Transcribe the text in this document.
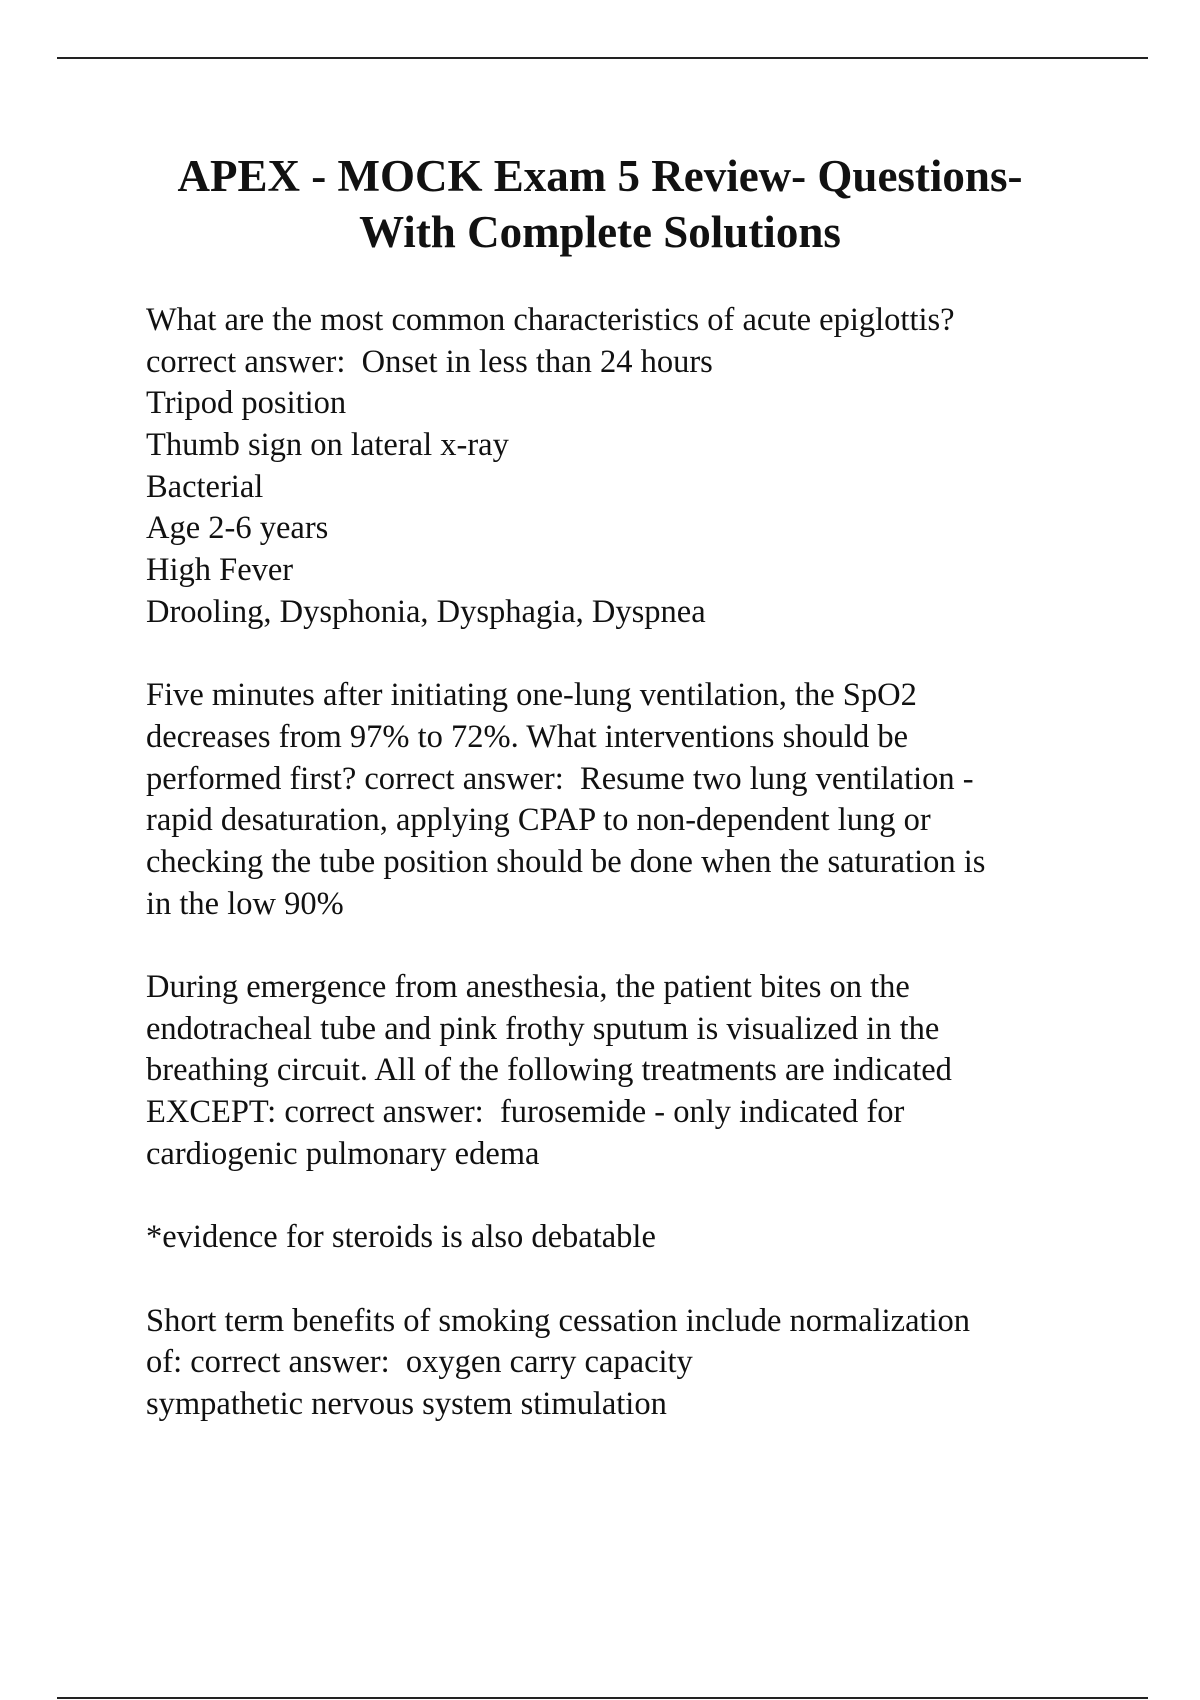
APEX - MOCK Exam 5 Review- Questions-
With Complete Solutions
What are the most common characteristics of acute epiglottis?
correct answer:  Onset in less than 24 hours
Tripod position
Thumb sign on lateral x-ray
Bacterial
Age 2-6 years
High Fever
Drooling, Dysphonia, Dysphagia, Dyspnea
Five minutes after initiating one-lung ventilation, the SpO2
decreases from 97% to 72%. What interventions should be
performed first? correct answer:  Resume two lung ventilation -
rapid desaturation, applying CPAP to non-dependent lung or
checking the tube position should be done when the saturation is
in the low 90%
During emergence from anesthesia, the patient bites on the
endotracheal tube and pink frothy sputum is visualized in the
breathing circuit. All of the following treatments are indicated
EXCEPT: correct answer:  furosemide - only indicated for
cardiogenic pulmonary edema
*evidence for steroids is also debatable
Short term benefits of smoking cessation include normalization
of: correct answer:  oxygen carry capacity
sympathetic nervous system stimulation
